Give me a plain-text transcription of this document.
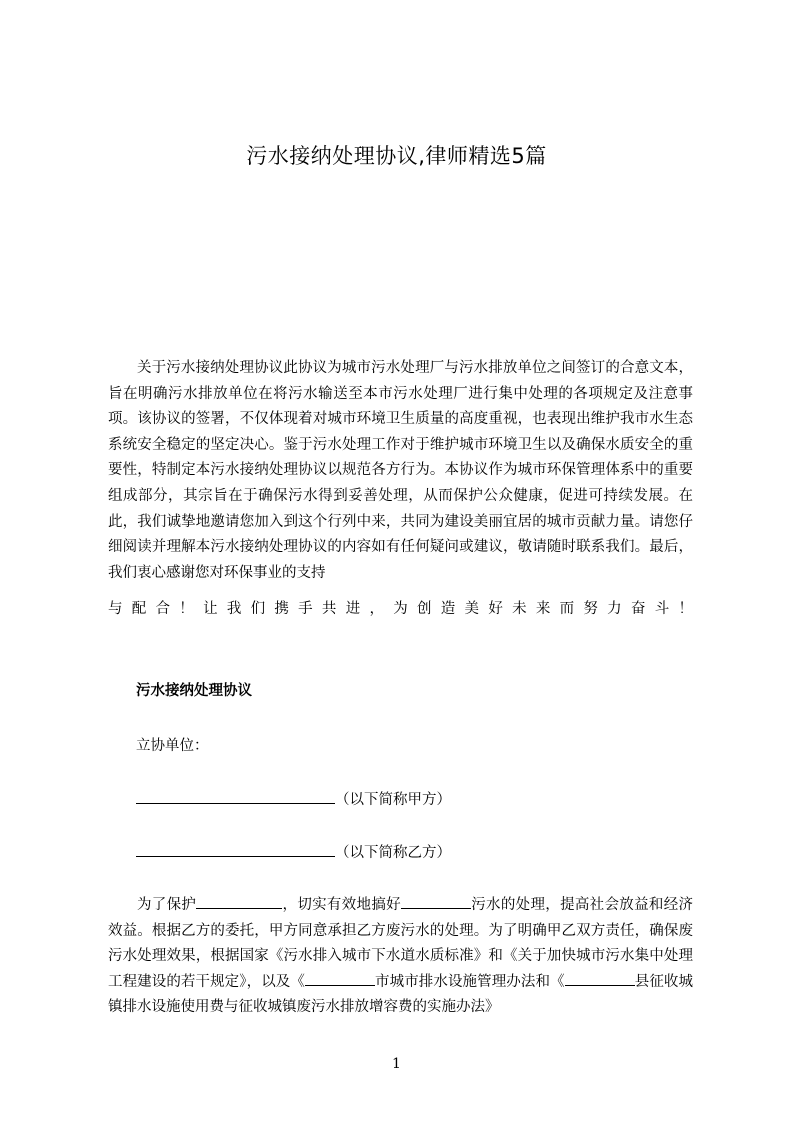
污水接纳处理协议,律师精选5篇

关于污水接纳处理协议此协议为城市污水处理厂与污水排放单位之间签订的合意文本，旨在明确污水排放单位在将污水输送至本市污水处理厂进行集中处理的各项规定及注意事项。该协议的签署，不仅体现着对城市环境卫生质量的高度重视，也表现出维护我市水生态系统安全稳定的坚定决心。鉴于污水处理工作对于维护城市环境卫生以及确保水质安全的重要性，特制定本污水接纳处理协议以规范各方行为。本协议作为城市环保管理体系中的重要组成部分，其宗旨在于确保污水得到妥善处理，从而保护公众健康，促进可持续发展。在此，我们诚挚地邀请您加入到这个行列中来，共同为建设美丽宜居的城市贡献力量。请您仔细阅读并理解本污水接纳处理协议的内容如有任何疑问或建议，敬请随时联系我们。最后，我们衷心感谢您对环保事业的支持

与配合！让我们携手共进，为创造美好未来而努力奋斗！

污水接纳处理协议
立协单位：
（以下简称甲方）
（以下简称乙方）

为了保护	，切实有效地搞好	污水的处理，提高社会放益和经济效益。根据乙方的委托，甲方同意承担乙方废污水的处理。为了明确甲乙双方责任，确保废污水处理效果，根据国家《污水排入城市下水道水质标准》和《关于加快城市污水集中处理工程建设的若干规定》，以及《	市城市排水设施管理办法和《	县征收城镇排水设施使用费与征收城镇废污水排放增容费的实施办法》

1
